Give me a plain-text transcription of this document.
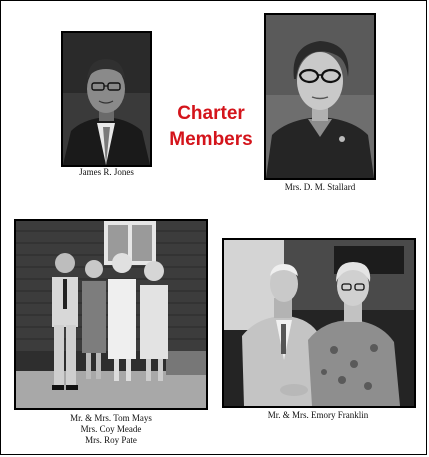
James R. Jones
Charter
Members
Mrs. D. M. Stallard
Mr. & Mrs. Tom Mays
Mrs. Coy Meade
Mrs. Roy Pate
Mr. & Mrs. Emory Franklin
